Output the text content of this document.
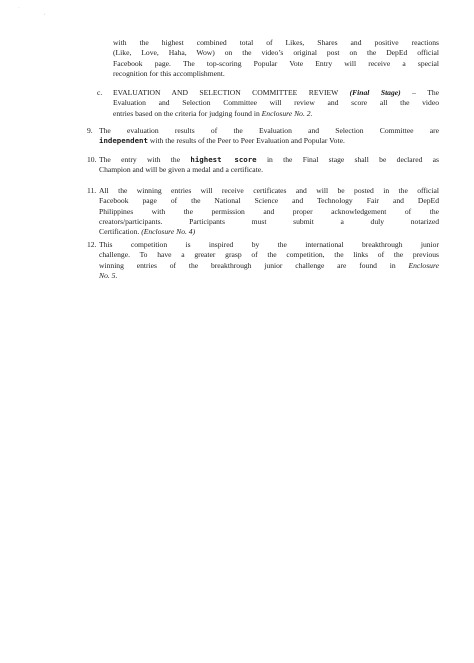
·
‘
with the highest combined total of Likes, Shares and positive reactions
(Like, Love, Haha, Wow) on the video’s original post on the DepEd official
Facebook page. The top-scoring Popular Vote Entry will receive a special
recognition for this accomplishment.
c. EVALUATION AND SELECTION COMMITTEE REVIEW (Final Stage) – The
Evaluation and Selection Committee will review and score all the video
entries based on the criteria for judging found in Enclosure No. 2.
9. The evaluation results of the Evaluation and Selection Committee are
independent with the results of the Peer to Peer Evaluation and Popular Vote.
10. The entry with the highest score in the Final stage shall be declared as
Champion and will be given a medal and a certificate.
11. All the winning entries will receive certificates and will be posted in the official
Facebook page of the National Science and Technology Fair and DepEd
Philippines with the permission and proper acknowledgement of the
creators/participants. Participants must submit a duly notarized
Certification. (Enclosure No. 4)
12. This competition is inspired by the international breakthrough junior
challenge. To have a greater grasp of the competition, the links of the previous
winning entries of the breakthrough junior challenge are found in Enclosure
No. 5.
